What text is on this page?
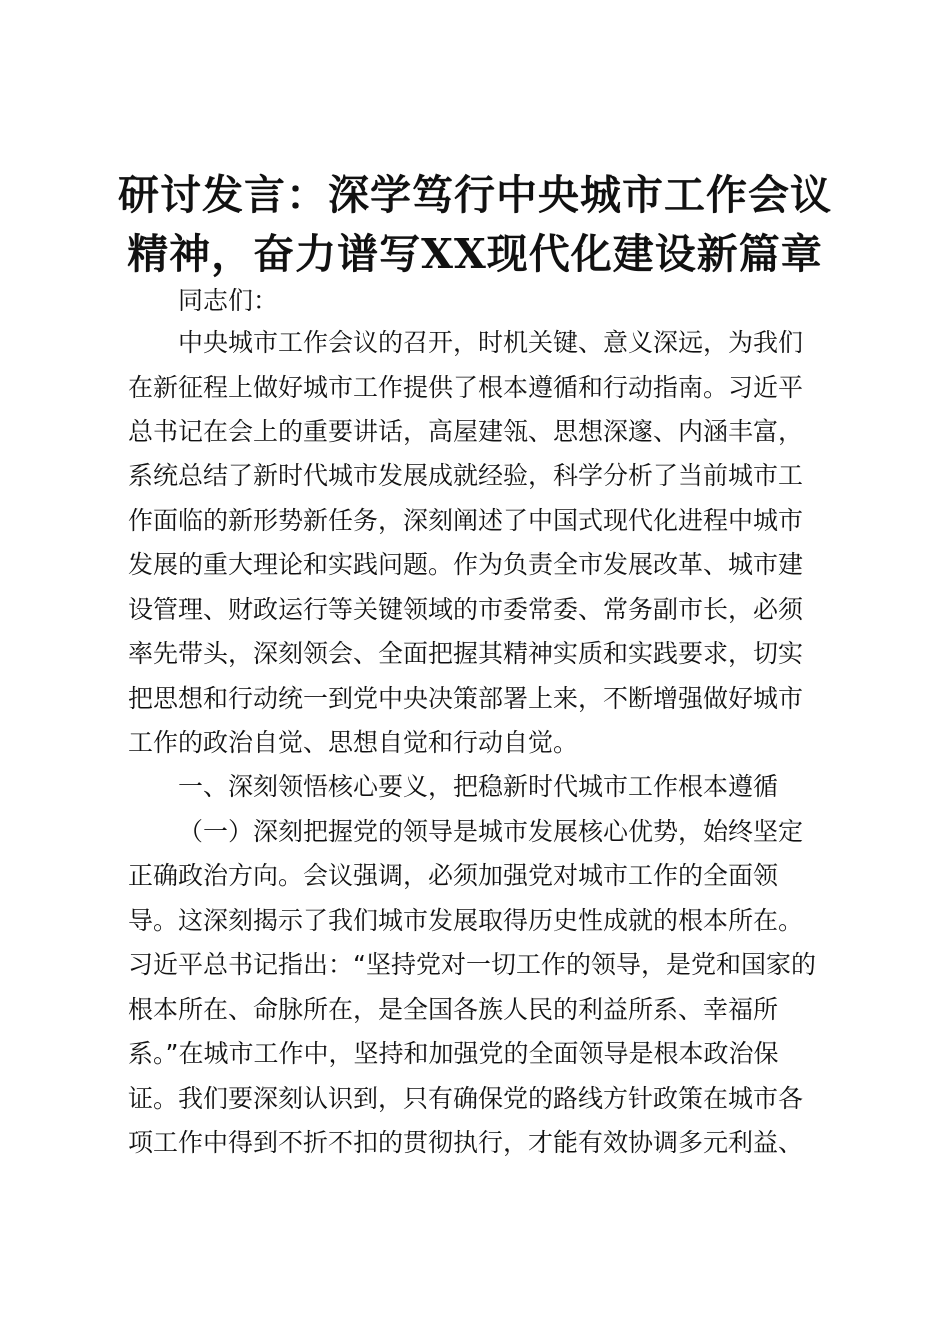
研讨发言：深学笃行中央城市工作会议
精神，奋力谱写XX现代化建设新篇章
同志们：
中央城市工作会议的召开，时机关键、意义深远，为我们
在新征程上做好城市工作提供了根本遵循和行动指南。习近平
总书记在会上的重要讲话，高屋建瓴、思想深邃、内涵丰富，
系统总结了新时代城市发展成就经验，科学分析了当前城市工
作面临的新形势新任务，深刻阐述了中国式现代化进程中城市
发展的重大理论和实践问题。作为负责全市发展改革、城市建
设管理、财政运行等关键领域的市委常委、常务副市长，必须
率先带头，深刻领会、全面把握其精神实质和实践要求，切实
把思想和行动统一到党中央决策部署上来，不断增强做好城市
工作的政治自觉、思想自觉和行动自觉。
一、深刻领悟核心要义，把稳新时代城市工作根本遵循
（一）深刻把握党的领导是城市发展核心优势，始终坚定
正确政治方向。会议强调，必须加强党对城市工作的全面领
导。这深刻揭示了我们城市发展取得历史性成就的根本所在。
习近平总书记指出：“坚持党对一切工作的领导，是党和国家的
根本所在、命脉所在，是全国各族人民的利益所系、幸福所
系。”在城市工作中，坚持和加强党的全面领导是根本政治保
证。我们要深刻认识到，只有确保党的路线方针政策在城市各
项工作中得到不折不扣的贯彻执行，才能有效协调多元利益、
